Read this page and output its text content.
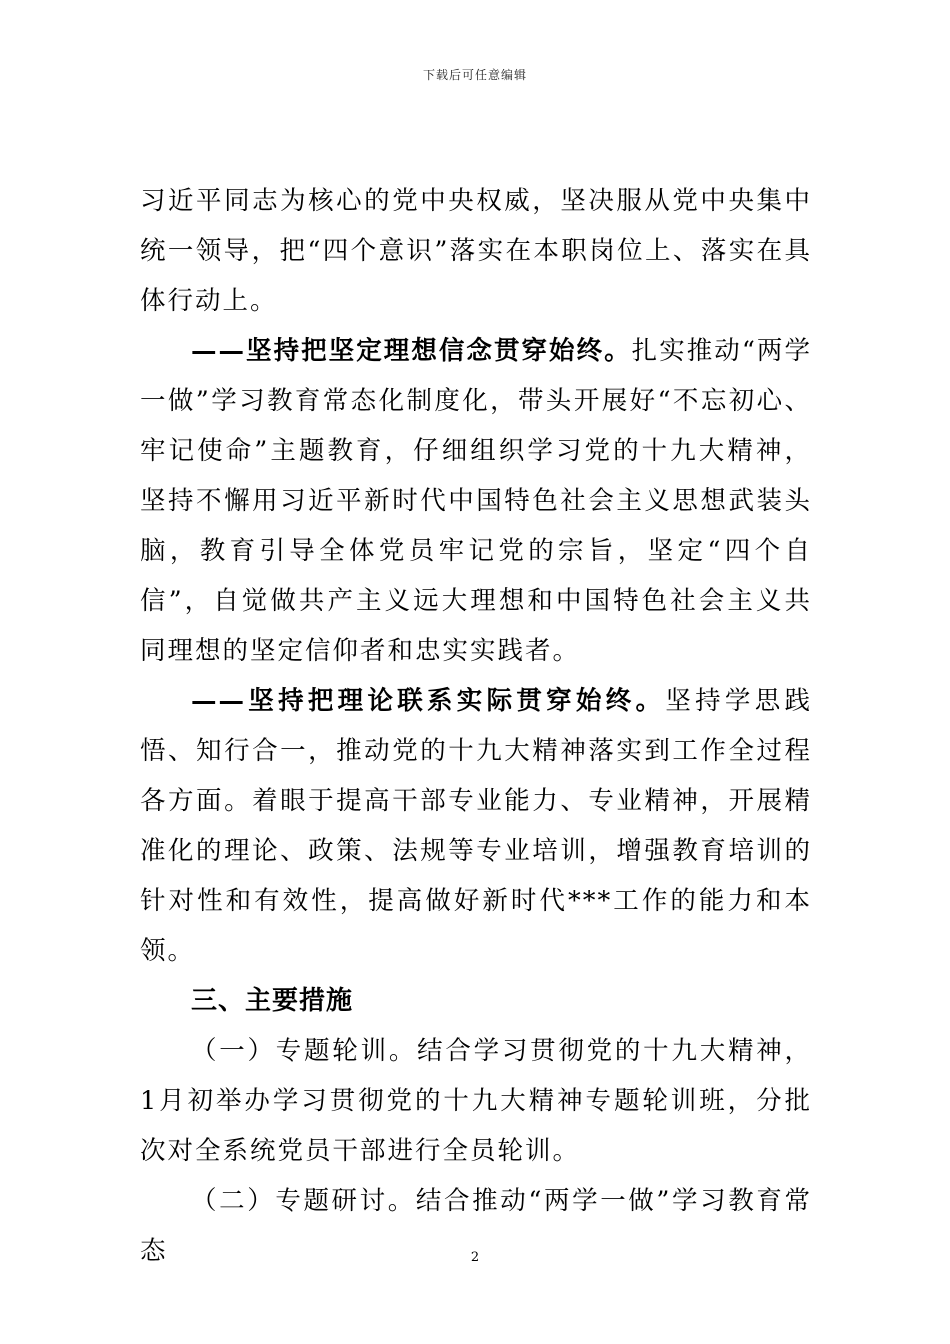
下载后可任意编辑

习近平同志为核心的党中央权威，坚决服从党中央集中统一领导，把“四个意识”落实在本职岗位上、落实在具体行动上。

——坚持把坚定理想信念贯穿始终。扎实推动“两学一做”学习教育常态化制度化，带头开展好“不忘初心、牢记使命”主题教育，仔细组织学习党的十九大精神，坚持不懈用习近平新时代中国特色社会主义思想武装头脑，教育引导全体党员牢记党的宗旨，坚定“四个自信”，自觉做共产主义远大理想和中国特色社会主义共同理想的坚定信仰者和忠实实践者。

——坚持把理论联系实际贯穿始终。坚持学思践悟、知行合一，推动党的十九大精神落实到工作全过程各方面。着眼于提高干部专业能力、专业精神，开展精准化的理论、政策、法规等专业培训，增强教育培训的针对性和有效性，提高做好新时代***工作的能力和本领。

三、主要措施

（一）专题轮训。结合学习贯彻党的十九大精神，1月初举办学习贯彻党的十九大精神专题轮训班，分批次对全系统党员干部进行全员轮训。

（二）专题研讨。结合推动“两学一做”学习教育常态	2
